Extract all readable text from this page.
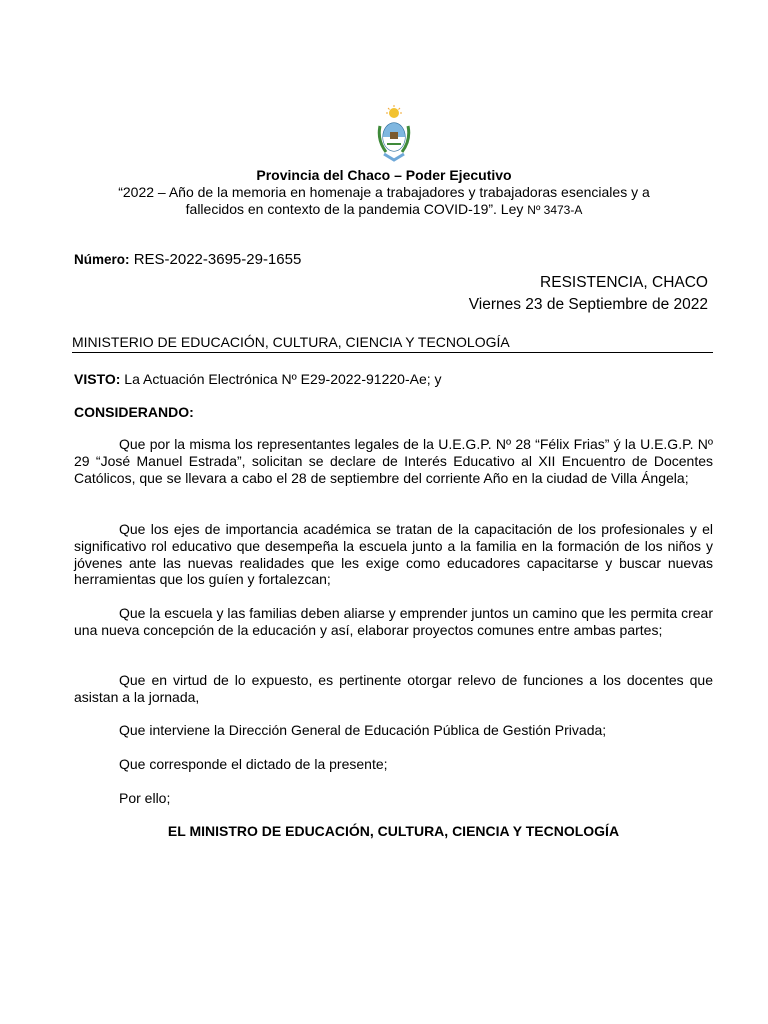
Provincia del Chaco – Poder Ejecutivo
“2022 – Año de la memoria en homenaje a trabajadores y trabajadoras esenciales y a
fallecidos en contexto de la pandemia COVID-19”. Ley Nº 3473-A
Número: RES-2022-3695-29-1655
RESISTENCIA, CHACO
Viernes 23 de Septiembre de 2022
MINISTERIO DE EDUCACIÓN, CULTURA, CIENCIA Y TECNOLOGÍA
VISTO: La Actuación Electrónica Nº E29-2022-91220-Ae; y
CONSIDERANDO:
Que por la misma los representantes legales de la U.E.G.P. Nº 28 “Félix Frias” ý la U.E.G.P. Nº 29 “José Manuel Estrada”, solicitan se declare de Interés Educativo al XII Encuentro de Docentes Católicos, que se llevara a cabo el 28 de septiembre del corriente Año en la ciudad de Villa Ángela;
Que los ejes de importancia académica se tratan de la capacitación de los profesionales y el significativo rol educativo que desempeña la escuela junto a la familia en la formación de los niños y jóvenes ante las nuevas realidades que les exige como educadores capacitarse y buscar nuevas herramientas que los guíen y fortalezcan;
Que la escuela y las familias deben aliarse y emprender juntos un camino que les permita crear una nueva concepción de la educación y así, elaborar proyectos comunes entre ambas partes;
Que en virtud de lo expuesto, es pertinente otorgar relevo de funciones a los docentes que asistan a la jornada,
Que interviene la Dirección General de Educación Pública de Gestión Privada;
Que corresponde el dictado de la presente;
Por ello;
EL MINISTRO DE EDUCACIÓN, CULTURA, CIENCIA Y TECNOLOGÍA
